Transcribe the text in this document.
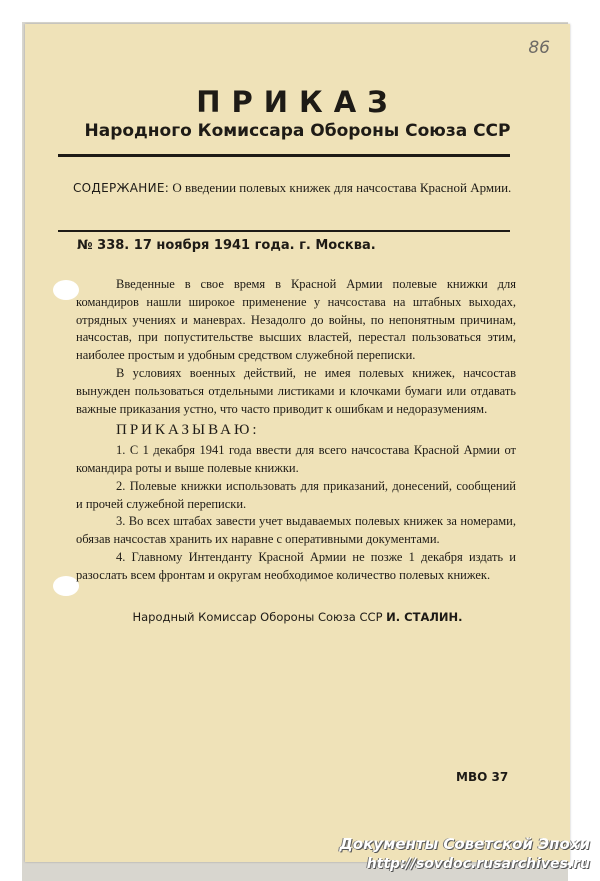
86
ПРИКАЗ
Народного Комиссара Обороны Союза ССР
СОДЕРЖАНИЕ: О введении полевых книжек для начсостава Красной Армии.
№ 338. 17 ноября 1941 года. г. Москва.

Введенные в свое время в Красной Армии полевые книжки для командиров нашли широкое применение у начсостава на штабных выходах, отрядных учениях и маневрах. Незадолго до войны, по непонятным причинам, начсостав, при попустительстве высших властей, перестал пользоваться этим, наиболее простым и удобным средством служебной переписки.

В условиях военных действий, не имея полевых книжек, начсостав вынужден пользоваться отдельными листиками и клочками бумаги или отдавать важные приказания устно, что часто приводит к ошибкам и недоразумениям.

ПРИКАЗЫВАЮ:

1. С 1 декабря 1941 года ввести для всего начсостава Красной Армии от командира роты и выше полевые книжки.

2. Полевые книжки использовать для приказаний, донесений, сообщений и прочей служебной переписки.

3. Во всех штабах завести учет выдаваемых полевых книжек за номерами, обязав начсостав хранить их наравне с оперативными документами.

4. Главному Интенданту Красной Армии не позже 1 декабря издать и разослать всем фронтам и округам необходимое количество полевых книжек.

Народный Комиссар Обороны Союза ССР И. СТАЛИН.
МВО 37
Документы Советской Эпохи
http://sovdoc.rusarchives.ru
